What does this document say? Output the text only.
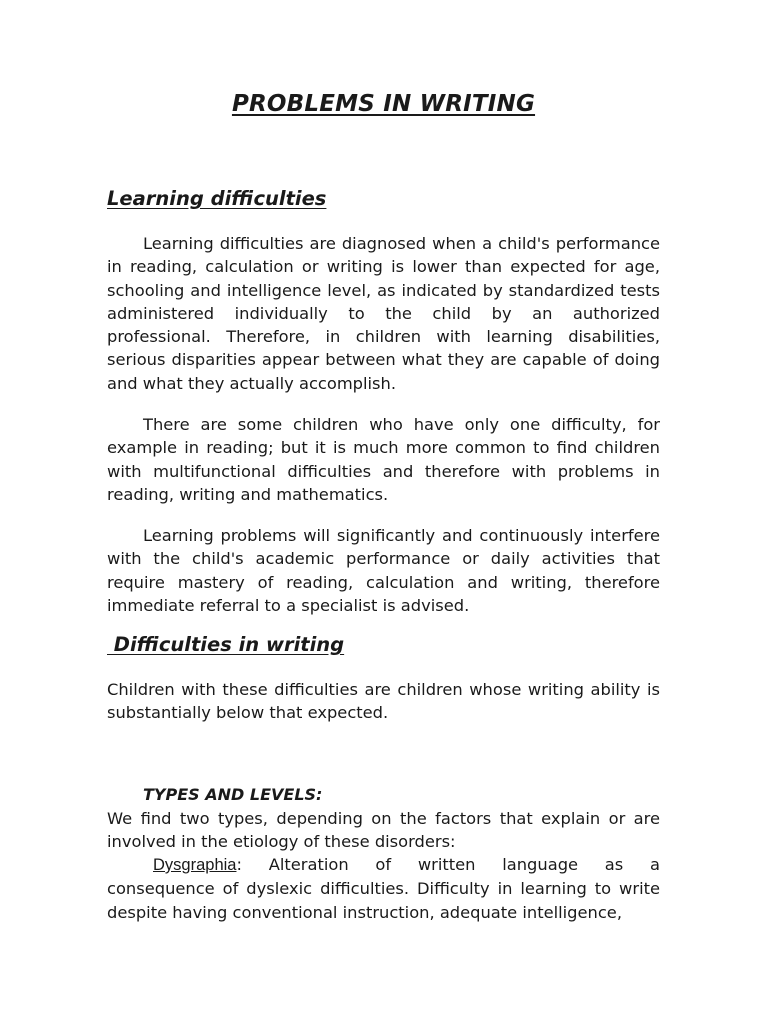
PROBLEMS IN WRITING
Learning difficulties

Learning difficulties are diagnosed when a child's performance in reading, calculation or writing is lower than expected for age, schooling and intelligence level, as indicated by standardized tests administered individually to the child by an authorized professional. Therefore, in children with learning disabilities, serious disparities appear between what they are capable of doing and what they actually accomplish.

There are some children who have only one difficulty, for example in reading; but it is much more common to find children with multifunctional difficulties and therefore with problems in reading, writing and mathematics.

Learning problems will significantly and continuously interfere with the child's academic performance or daily activities that require mastery of reading, calculation and writing, therefore immediate referral to a specialist is advised.

Difficulties in writing

Children with these difficulties are children whose writing ability is substantially below that expected.

TYPES AND LEVELS:

We find two types, depending on the factors that explain or are involved in the etiology of these disorders:

Dysgraphia: Alteration of written language as a
consequence of dyslexic difficulties. Difficulty in learning to write despite having conventional instruction, adequate intelligence,
